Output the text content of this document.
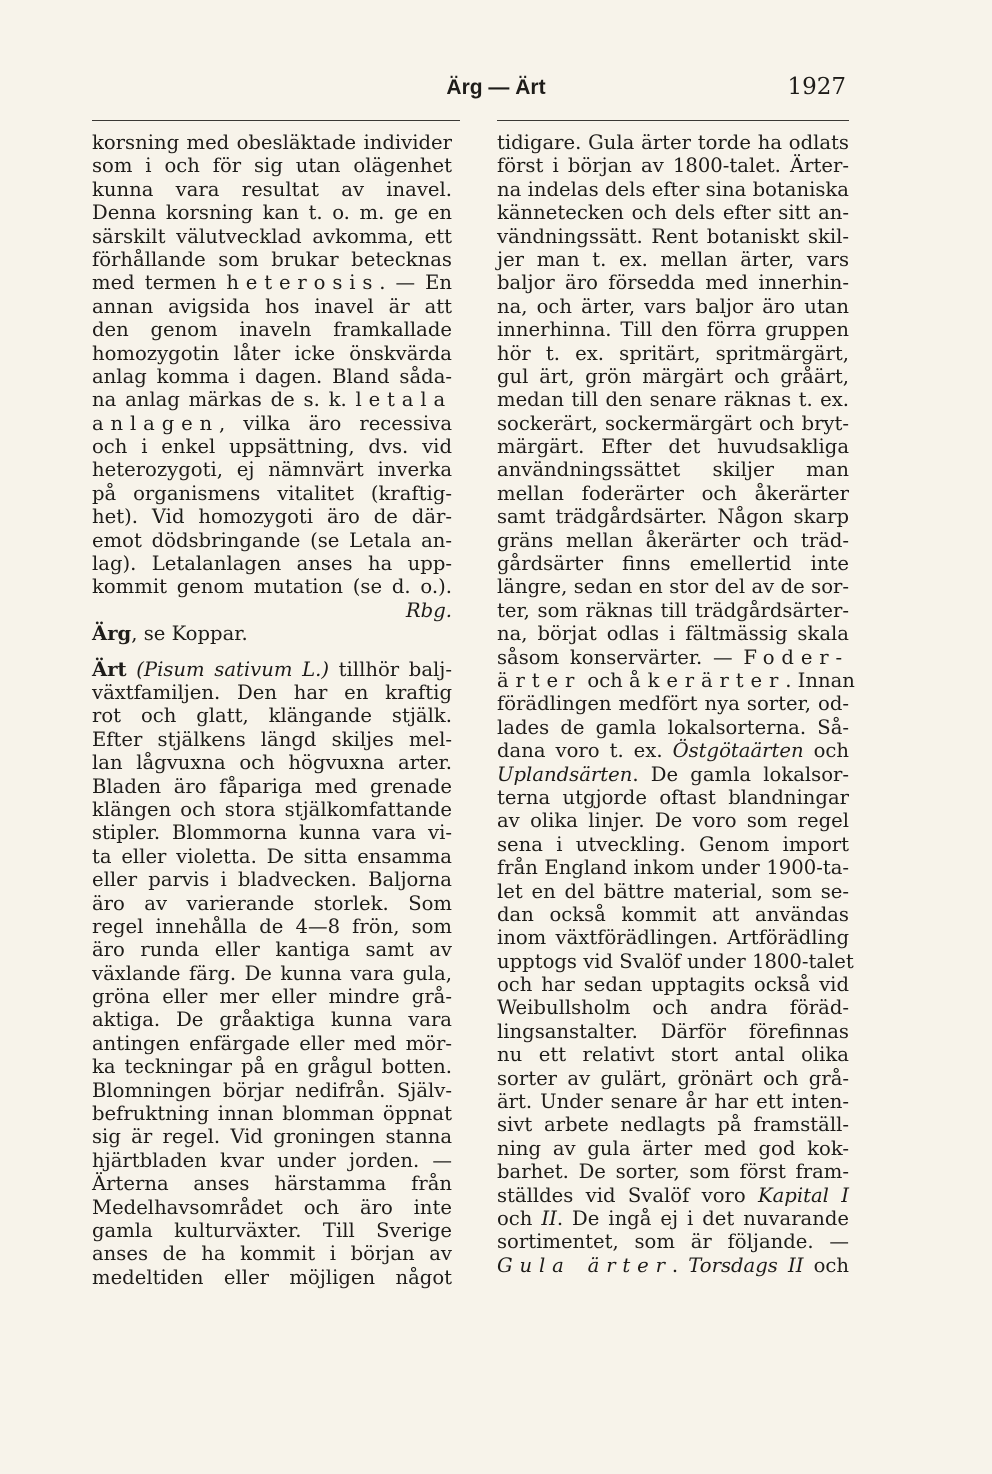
Ärg — Ärt	1927
korsning med obesläktade individer
som i och för sig utan olägenhet
kunna vara resultat av inavel.
Denna korsning kan t. o. m. ge en
särskilt välutvecklad avkomma, ett
förhållande som brukar betecknas
med termen heterosis. — En
annan avigsida hos inavel är att
den genom inaveln framkallade
homozygotin låter icke önskvärda
anlag komma i dagen. Bland såda-
na anlag märkas de s. k. letala
anlagen, vilka äro recessiva
och i enkel uppsättning, dvs. vid
heterozygoti, ej nämnvärt inverka
på organismens vitalitet (kraftig-
het). Vid homozygoti äro de där-
emot dödsbringande (se Letala an-
lag). Letalanlagen anses ha upp-
kommit genom mutation (se d. o.).
Rbg.
Ärg, se Koppar.
Ärt (Pisum sativum L.) tillhör balj-
växtfamiljen. Den har en kraftig
rot och glatt, klängande stjälk.
Efter stjälkens längd skiljes mel-
lan lågvuxna och högvuxna arter.
Bladen äro fåpariga med grenade
klängen och stora stjälkomfattande
stipler. Blommorna kunna vara vi-
ta eller violetta. De sitta ensamma
eller parvis i bladvecken. Baljorna
äro av varierande storlek. Som
regel innehålla de 4—8 frön, som
äro runda eller kantiga samt av
växlande färg. De kunna vara gula,
gröna eller mer eller mindre grå-
aktiga. De gråaktiga kunna vara
antingen enfärgade eller med mör-
ka teckningar på en grågul botten.
Blomningen börjar nedifrån. Själv-
befruktning innan blomman öppnat
sig är regel. Vid groningen stanna
hjärtbladen kvar under jorden. —
Ärterna anses härstamma från
Medelhavsområdet och äro inte
gamla kulturväxter. Till Sverige
anses de ha kommit i början av
medeltiden eller möjligen något
tidigare. Gula ärter torde ha odlats
först i början av 1800-talet. Ärter-
na indelas dels efter sina botaniska
kännetecken och dels efter sitt an-
vändningssätt. Rent botaniskt skil-
jer man t. ex. mellan ärter, vars
baljor äro försedda med innerhin-
na, och ärter, vars baljor äro utan
innerhinna. Till den förra gruppen
hör t. ex. spritärt, spritmärgärt,
gul ärt, grön märgärt och gråärt,
medan till den senare räknas t. ex.
sockerärt, sockermärgärt och bryt-
märgärt. Efter det huvudsakliga
användningssättet skiljer man
mellan foderärter och åkerärter
samt trädgårdsärter. Någon skarp
gräns mellan åkerärter och träd-
gårdsärter finns emellertid inte
längre, sedan en stor del av de sor-
ter, som räknas till trädgårdsärter-
na, börjat odlas i fältmässig skala
såsom konservärter. — Foder-
ärter och åkerärter. Innan
förädlingen medfört nya sorter, od-
lades de gamla lokalsorterna. Så-
dana voro t. ex. Östgötaärten och
Uplandsärten. De gamla lokalsor-
terna utgjorde oftast blandningar
av olika linjer. De voro som regel
sena i utveckling. Genom import
från England inkom under 1900-ta-
let en del bättre material, som se-
dan också kommit att användas
inom växtförädlingen. Artförädling
upptogs vid Svalöf under 1800-talet
och har sedan upptagits också vid
Weibullsholm och andra föräd-
lingsanstalter. Därför förefinnas
nu ett relativt stort antal olika
sorter av gulärt, grönärt och grå-
ärt. Under senare år har ett inten-
sivt arbete nedlagts på framställ-
ning av gula ärter med god kok-
barhet. De sorter, som först fram-
ställdes vid Svalöf voro Kapital I
och II. De ingå ej i det nuvarande
sortimentet, som är följande. —
Gula ärter. Torsdags II och
